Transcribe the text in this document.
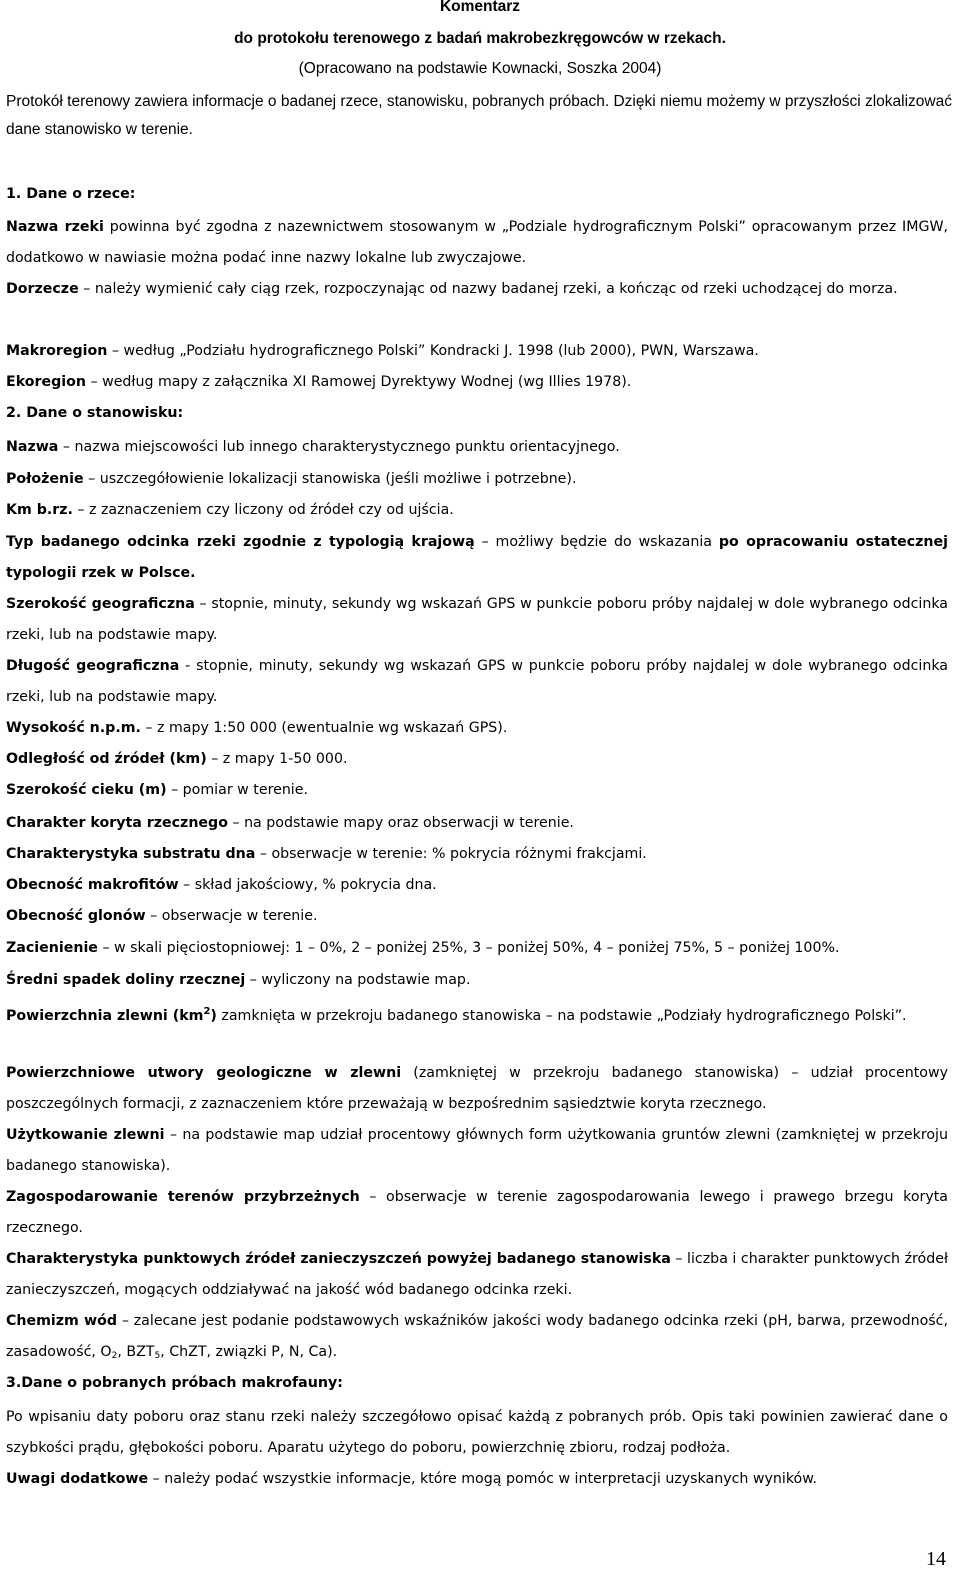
Komentarz
do protokołu terenowego z badań makrobezkręgowców w rzekach.
(Opracowano na podstawie Kownacki, Soszka 2004)
Protokół terenowy zawiera informacje o badanej rzece, stanowisku, pobranych próbach. Dzięki niemu możemy w przyszłości zlokalizować dane stanowisko w terenie.
1. Dane o rzece:
Nazwa rzeki powinna być zgodna z nazewnictwem stosowanym w „Podziale hydrograficznym Polski” opracowanym przez IMGW, dodatkowo w nawiasie można podać inne nazwy lokalne lub zwyczajowe.
Dorzecze – należy wymienić cały ciąg rzek, rozpoczynając od nazwy badanej rzeki, a kończąc od rzeki uchodzącej do morza.
Makroregion – według „Podziału hydrograficznego Polski” Kondracki J. 1998 (lub 2000), PWN, Warszawa.
Ekoregion – według mapy z załącznika XI Ramowej Dyrektywy Wodnej (wg Illies 1978).
2. Dane o stanowisku:
Nazwa – nazwa miejscowości lub innego charakterystycznego punktu orientacyjnego.
Położenie – uszczegółowienie lokalizacji stanowiska (jeśli możliwe i potrzebne).
Km b.rz. – z zaznaczeniem czy liczony od źródeł czy od ujścia.
Typ badanego odcinka rzeki zgodnie z typologią krajową – możliwy będzie do wskazania po opracowaniu ostatecznej typologii rzek w Polsce.
Szerokość geograficzna – stopnie, minuty, sekundy wg wskazań GPS w punkcie poboru próby najdalej w dole wybranego odcinka rzeki, lub na podstawie mapy.
Długość geograficzna - stopnie, minuty, sekundy wg wskazań GPS w punkcie poboru próby najdalej w dole wybranego odcinka rzeki, lub na podstawie mapy.
Wysokość n.p.m. – z mapy 1:50 000 (ewentualnie wg wskazań GPS).
Odległość od źródeł (km) – z mapy 1-50 000.
Szerokość cieku (m) – pomiar w terenie.
Charakter koryta rzecznego – na podstawie mapy oraz obserwacji w terenie.
Charakterystyka substratu dna – obserwacje w terenie: % pokrycia różnymi frakcjami.
Obecność makrofitów – skład jakościowy, % pokrycia dna.
Obecność glonów – obserwacje w terenie.
Zacienienie – w skali pięciostopniowej: 1 – 0%, 2 – poniżej 25%, 3 – poniżej 50%, 4 – poniżej 75%, 5 – poniżej 100%.
Średni spadek doliny rzecznej – wyliczony na podstawie map.
Powierzchnia zlewni $(km^2)$ zamknięta w przekroju badanego stanowiska – na podstawie „Podziały hydrograficznego Polski”.
Powierzchniowe utwory geologiczne w zlewni (zamkniętej w przekroju badanego stanowiska) – udział procentowy poszczególnych formacji, z zaznaczeniem które przeważają w bezpośrednim sąsiedztwie koryta rzecznego.
Użytkowanie zlewni – na podstawie map udział procentowy głównych form użytkowania gruntów zlewni (zamkniętej w przekroju badanego stanowiska).
Zagospodarowanie terenów przybrzeżnych – obserwacje w terenie zagospodarowania lewego i prawego brzegu koryta rzecznego.
Charakterystyka punktowych źródeł zanieczyszczeń powyżej badanego stanowiska – liczba i charakter punktowych źródeł zanieczyszczeń, mogących oddziaływać na jakość wód badanego odcinka rzeki.
Chemizm wód – zalecane jest podanie podstawowych wskaźników jakości wody badanego odcinka rzeki (pH, barwa, przewodność, zasadowość, $O_2$, $BZT_5$, ChZT, związki P, N, Ca).
3.Dane o pobranych próbach makrofauny:
Po wpisaniu daty poboru oraz stanu rzeki należy szczegółowo opisać każdą z pobranych prób. Opis taki powinien zawierać dane o szybkości prądu, głębokości poboru. Aparatu użytego do poboru, powierzchnię zbioru, rodzaj podłoża.
Uwagi dodatkowe – należy podać wszystkie informacje, które mogą pomóc w interpretacji uzyskanych wyników.
14
